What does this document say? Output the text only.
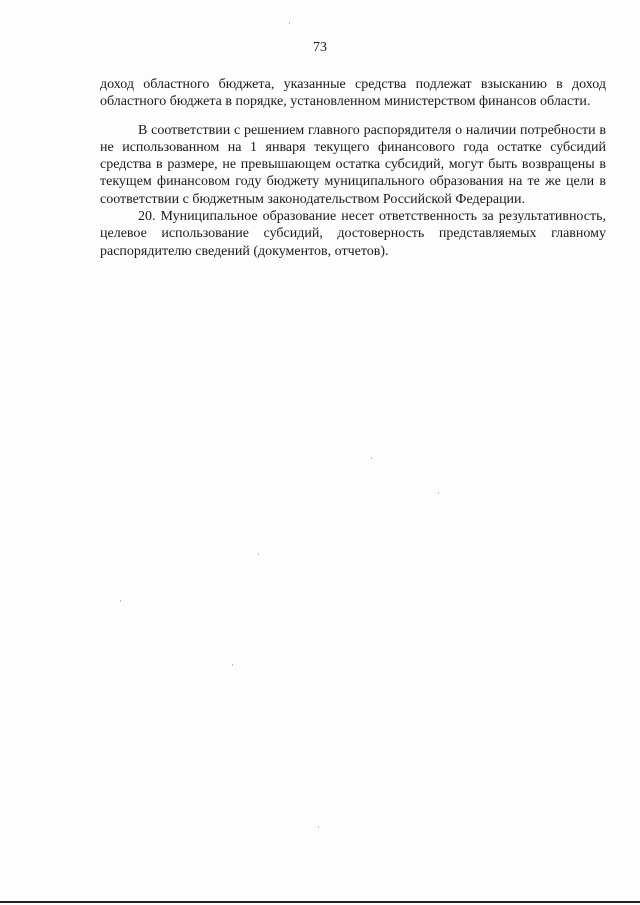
73

доход областного бюджета, указанные средства подлежат взысканию в доход областного бюджета в порядке, установленном министерством финансов области.

В соответствии с решением главного распорядителя о наличии потребности в не использованном на 1 января текущего финансового года остатке субсидий средства в размере, не превышающем остатка субсидий, могут быть возвращены в текущем финансовом году бюджету муниципального образования на те же цели в соответствии с бюджетным законодательством Российской Федерации.

20. Муниципальное образование несет ответственность за результативность, целевое использование субсидий, достоверность представляемых главному распорядителю сведений (документов, отчетов).
